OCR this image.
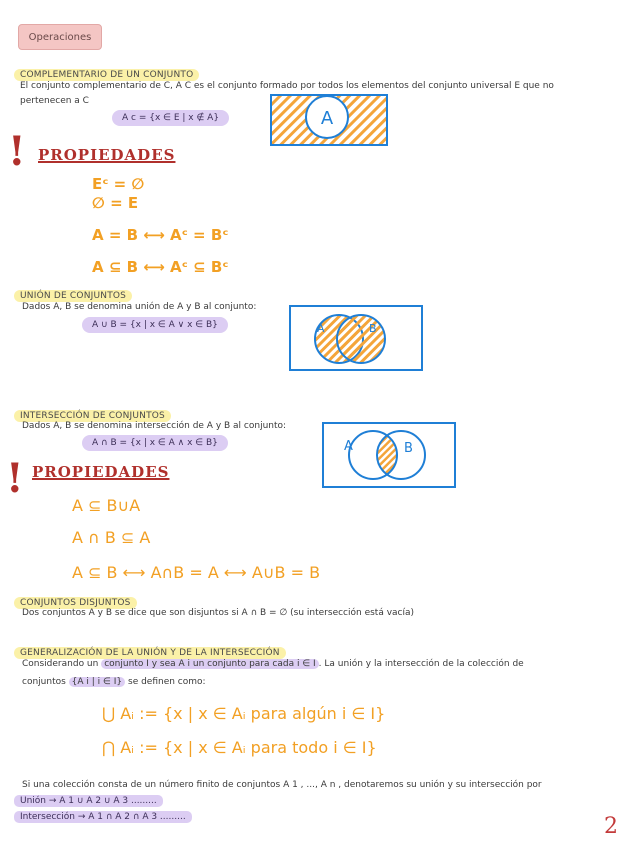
Operaciones
COMPLEMENTARIO DE UN CONJUNTO
El conjunto complementario de C, A C es el conjunto formado por todos los elementos del conjunto universal E que no
pertenecen a C
A c = {x ∈ E | x ∉ A}	A
! PROPIEDADES
Eᶜ = ∅
∅ = E
A = B ⟷ Aᶜ = Bᶜ
A ⊆ B ⟷ Aᶜ ⊆ Bᶜ
UNIÓN DE CONJUNTOS
Dados A, B se denomina unión de A y B al conjunto:
A ∪ B = {x | x ∈ A ∨ x ∈ B}	A	B
INTERSECCIÓN DE CONJUNTOS
Dados A, B se denomina intersección de A y B al conjunto:
A ∩ B = {x | x ∈ A ∧ x ∈ B}	A	B
! PROPIEDADES
A ⊆ B∪A
A ∩ B ⊆ A
A ⊆ B ⟷ A∩B = A ⟷ A∪B = B
CONJUNTOS DISJUNTOS
Dos conjuntos A y B se dice que son disjuntos si A ∩ B = ∅ (su intersección está vacía)
GENERALIZACIÓN DE LA UNIÓN Y DE LA INTERSECCIÓN
Considerando un conjunto I y sea A i un conjunto para cada i ∈ I . La unión y la intersección de la colección de
conjuntos {A i | i ∈ I} se definen como:
⋃ Aᵢ := {x | x ∈ Aᵢ para algún i ∈ I}
⋂ Aᵢ := {x | x ∈ Aᵢ para todo i ∈ I}
Si una colección consta de un número finito de conjuntos A 1 , ..., A n , denotaremos su unión y su intersección por
Unión → A 1 ∪ A 2 ∪ A 3 .........
Intersección → A 1 ∩ A 2 ∩ A 3 .........	2
